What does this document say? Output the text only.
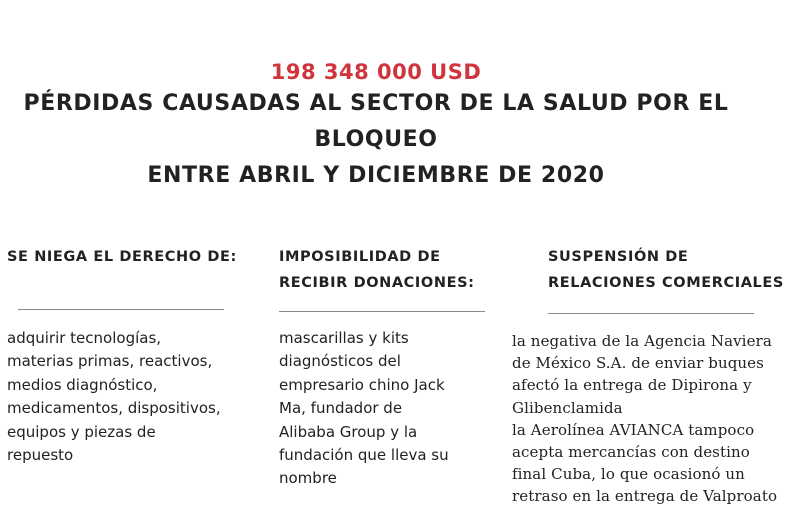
198 348 000 USD
PÉRDIDAS CAUSADAS AL SECTOR DE LA SALUD POR EL
BLOQUEO
ENTRE ABRIL Y DICIEMBRE DE 2020
SE NIEGA EL DERECHO DE:
adquirir tecnologías,
materias primas, reactivos,
medios diagnóstico,
medicamentos, dispositivos,
equipos y piezas de
repuesto
IMPOSIBILIDAD DE
RECIBIR DONACIONES:
mascarillas y kits
diagnósticos del
empresario chino Jack
Ma, fundador de
Alibaba Group y la
fundación que lleva su
nombre
SUSPENSIÓN DE
RELACIONES COMERCIALES
la negativa de la Agencia Naviera
de México S.A. de enviar buques
afectó la entrega de Dipirona y
Glibenclamida
la Aerolínea AVIANCA tampoco
acepta mercancías con destino
final Cuba, lo que ocasionó un
retraso en la entrega de Valproato
